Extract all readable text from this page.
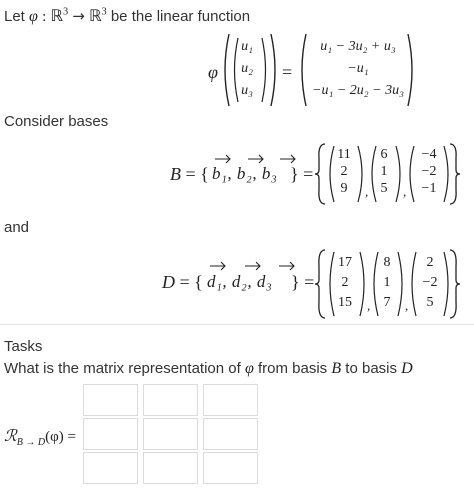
Let φ : ℝ$^3$ → ℝ$^3$ be the linear function
φ
u₁
u₂
u₃
=
u₁ − 3u₂ + u₃
−u₁
−u₁ − 2u₂ − 3u₃
Consider bases
B = { b₁, b₂, b₃ } =
,	,
11
2
9
6
1
5
−4
−2
−1
and
D = { d₁, d₂, d₃ } =
,	,
17
2
15
8
1
7
2
−2
5
Tasks
What is the matrix representation of φ from basis B to basis D
ℛ$_{B \to D}$(φ) =
